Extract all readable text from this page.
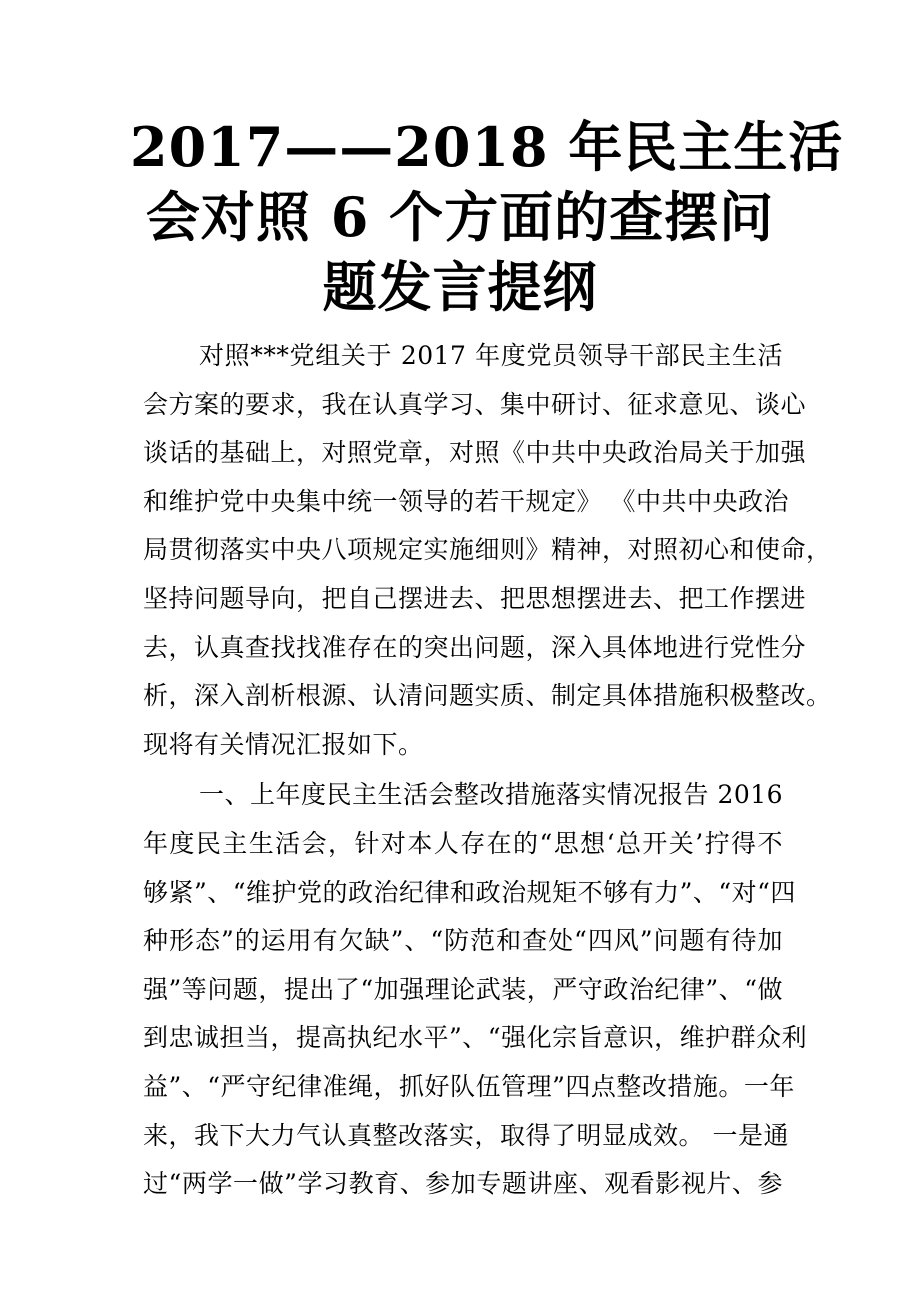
2017——2018 年民主生活
会对照 6 个方面的查摆问
题发言提纲
对照***党组关于 2017 年度党员领导干部民主生活
会方案的要求，我在认真学习、集中研讨、征求意见、谈心
谈话的基础上，对照党章，对照《中共中央政治局关于加强
和维护党中央集中统一领导的若干规定》 《中共中央政治
局贯彻落实中央八项规定实施细则》精神，对照初心和使命，
坚持问题导向，把自己摆进去、把思想摆进去、把工作摆进
去，认真查找找准存在的突出问题，深入具体地进行党性分
析，深入剖析根源、认清问题实质、制定具体措施积极整改。
现将有关情况汇报如下。
一、上年度民主生活会整改措施落实情况报告 2016
年度民主生活会，针对本人存在的“思想‘总开关’拧得不
够紧”、“维护党的政治纪律和政治规矩不够有力”、“对“四
种形态”的运用有欠缺”、“防范和查处“四风”问题有待加
强”等问题，提出了“加强理论武装，严守政治纪律”、“做
到忠诚担当，提高执纪水平”、“强化宗旨意识，维护群众利
益”、“严守纪律准绳，抓好队伍管理”四点整改措施。一年
来，我下大力气认真整改落实，取得了明显成效。 一是通
过“两学一做”学习教育、参加专题讲座、观看影视片、参
